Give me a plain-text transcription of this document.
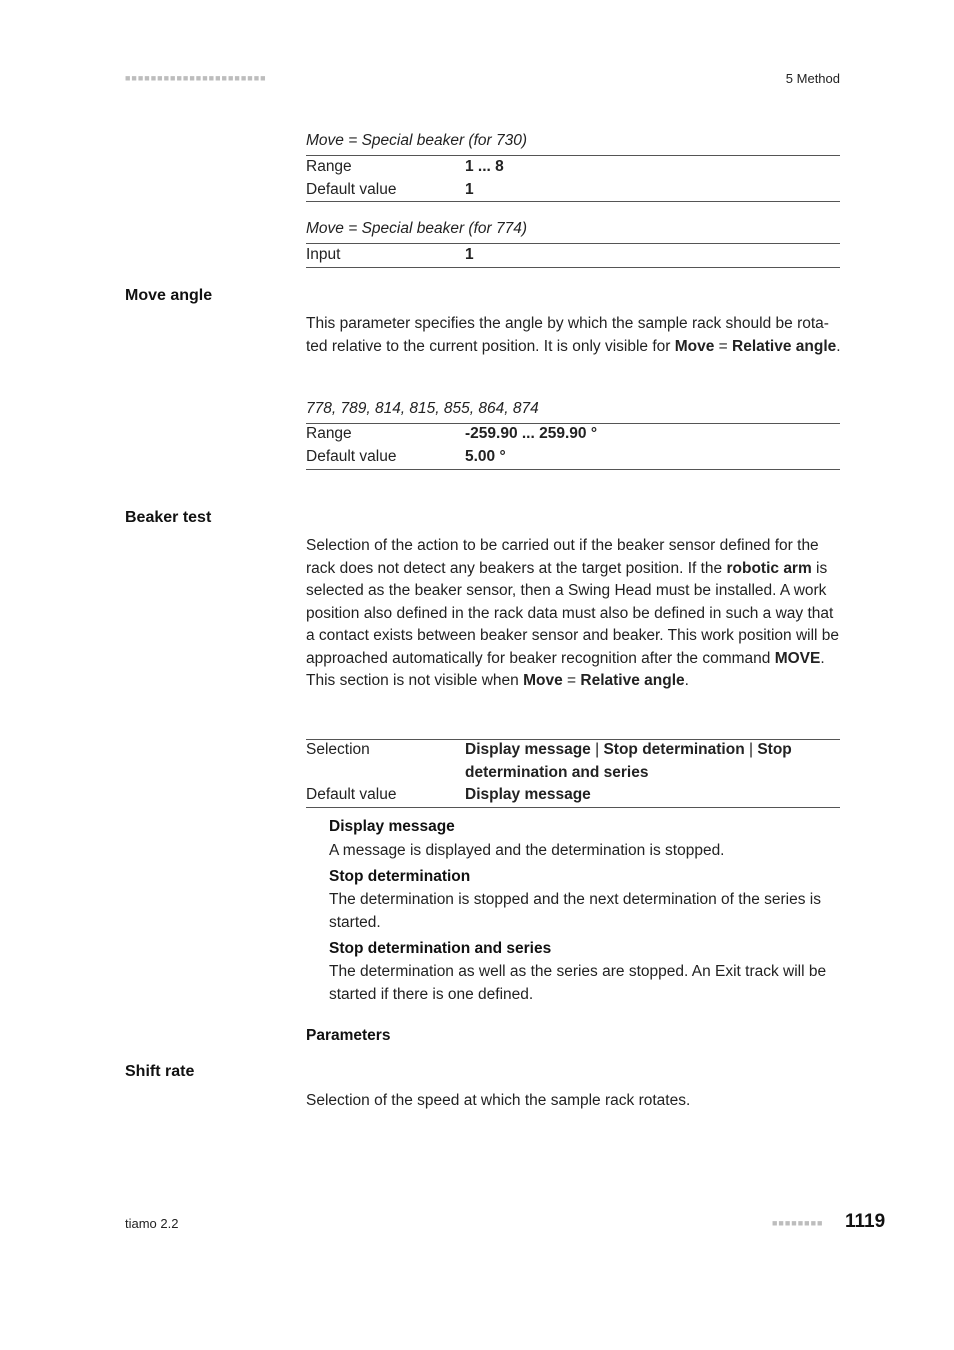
■■■■■■■■■■■■■■■■■■■■■■	5 Method
Move = Special beaker (for 730)
Range	1 ... 8
Default value	1
Move = Special beaker (for 774)
Input	1
Move angle
This parameter specifies the angle by which the sample rack should be rota-ted relative to the current position. It is only visible for Move = Relative angle.
778, 789, 814, 815, 855, 864, 874
Range	-259.90 ... 259.90 °
Default value	5.00 °
Beaker test
Selection of the action to be carried out if the beaker sensor defined for the rack does not detect any beakers at the target position. If the robotic arm is selected as the beaker sensor, then a Swing Head must be installed. A work position also defined in the rack data must also be defined in such a way that a contact exists between beaker sensor and beaker. This work position will be approached automatically for beaker recognition after the command MOVE. This section is not visible when Move = Relative angle.
Selection	Display message | Stop determination | Stop determination and series
Default value	Display message
Display message
A message is displayed and the determination is stopped.
Stop determination
The determination is stopped and the next determination of the series is started.
Stop determination and series
The determination as well as the series are stopped. An Exit track will be started if there is one defined.
Parameters
Shift rate
Selection of the speed at which the sample rack rotates.
tiamo 2.2	■■■■■■■■ 1119
